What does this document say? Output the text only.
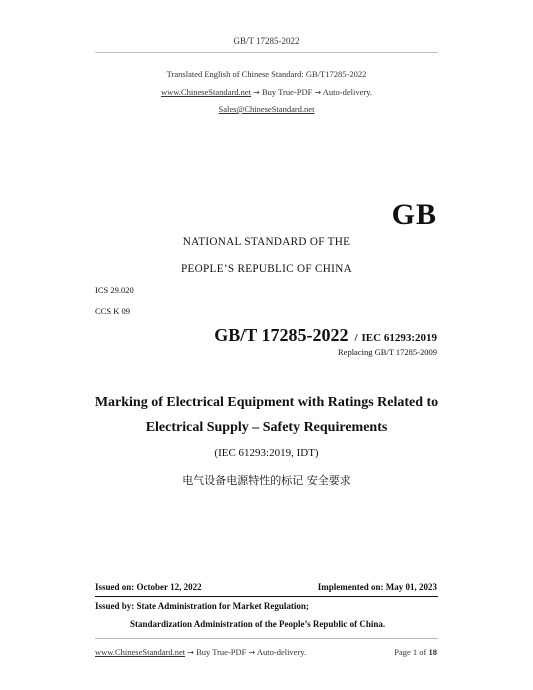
GB/T 17285-2022
Translated English of Chinese Standard: GB/T17285-2022
www.ChineseStandard.net → Buy True-PDF → Auto-delivery.
Sales@ChineseStandard.net
GB
NATIONAL STANDARD OF THE
PEOPLE’S REPUBLIC OF CHINA
ICS 29.020
CCS K 09
GB/T 17285-2022 / IEC 61293:2019
Replacing GB/T 17285-2009
Marking of Electrical Equipment with Ratings Related to
Electrical Supply – Safety Requirements
(IEC 61293:2019, IDT)
电气设备电源特性的标记 安全要求
Issued on: October 12, 2022	Implemented on: May 01, 2023
Issued by: State Administration for Market Regulation;
Standardization Administration of the People’s Republic of China.
www.ChineseStandard.net → Buy True-PDF → Auto-delivery.	Page 1 of 18
